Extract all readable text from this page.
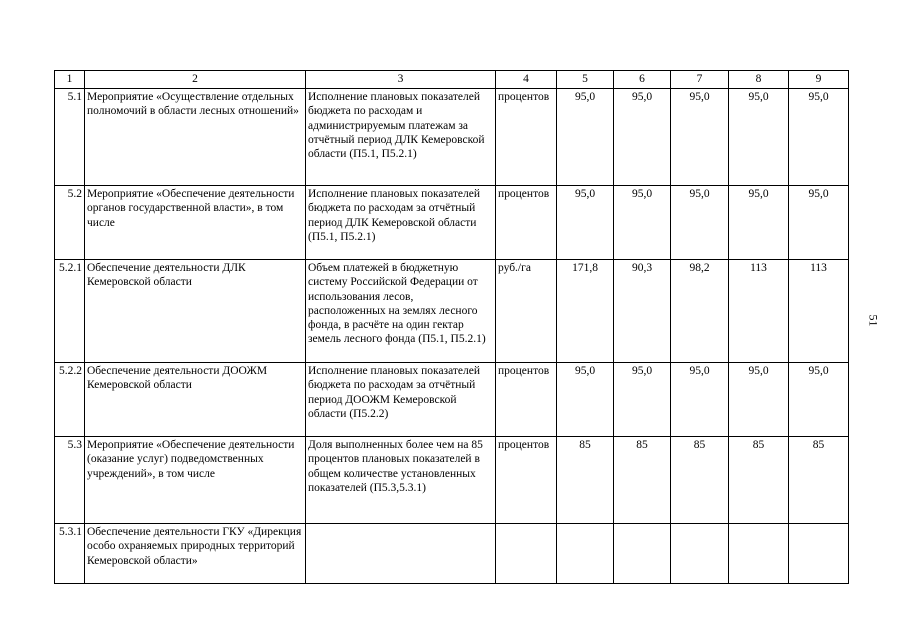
1	2	3	4	5	6	7	8	9
5.1	Мероприятие «Осуществление отдельных полномочий в области лесных отношений»	Исполнение плановых показателей бюджета по расходам и администрируемым платежам за отчётный период ДЛК Кемеровской области (П5.1, П5.2.1)	процентов	95,0	95,0	95,0	95,0	95,0
5.2	Мероприятие «Обеспечение деятельности органов государственной власти», в том числе	Исполнение плановых показателей бюджета по расходам за отчётный период ДЛК Кемеровской области (П5.1, П5.2.1)	процентов	95,0	95,0	95,0	95,0	95,0
5.2.1	Обеспечение деятельности ДЛК Кемеровской области	Объем платежей в бюджетную систему Российской Федерации от использования лесов, расположенных на землях лесного фонда, в расчёте на один гектар земель лесного фонда (П5.1, П5.2.1)	руб./га	171,8	90,3	98,2	113	113
5.2.2	Обеспечение деятельности ДООЖМ Кемеровской области	Исполнение плановых показателей бюджета по расходам за отчётный период ДООЖМ Кемеровской области (П5.2.2)	процентов	95,0	95,0	95,0	95,0	95,0
5.3	Мероприятие «Обеспечение деятельности (оказание услуг) подведомственных учреждений», в том числе	Доля выполненных более чем на 85 процентов плановых показателей в общем количестве установленных показателей (П5.3,5.3.1)	процентов	85	85	85	85	85
5.3.1	Обеспечение деятельности ГКУ «Дирекция особо охраняемых природных территорий Кемеровской области»							
51
